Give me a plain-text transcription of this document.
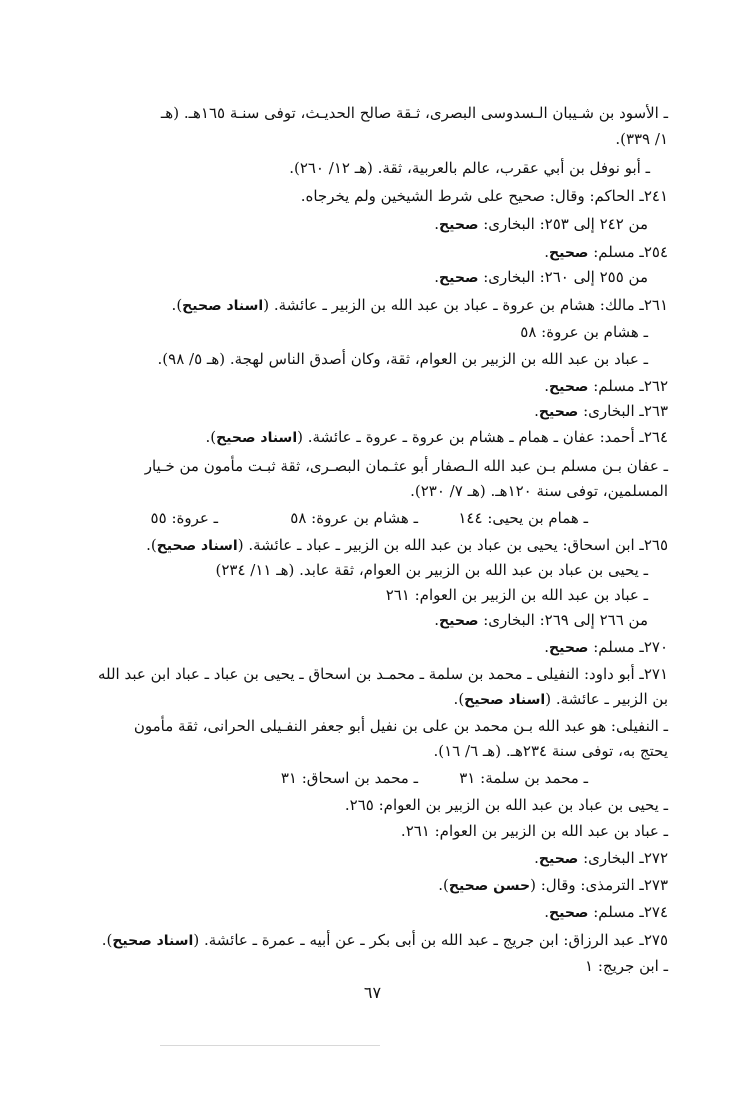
ـ الأسود بن شـيبان الـسدوسى البصرى، ثـقة صالح الحديـث، توفى سنـة ١٦٥هـ. (هـ
١/ ٣٣٩).
ـ أبو نوفل بن أبي عقرب، عالم بالعربية، ثقة. (هـ ١٢/ ٢٦٠).
٢٤١ـ الحاكم: وقال: صحيح على شرط الشيخين ولم يخرجاه.
من ٢٤٢ إلى ٢٥٣: البخارى: صحيح.
٢٥٤ـ مسلم: صحيح.
من ٢٥٥ إلى ٢٦٠: البخارى: صحيح.
٢٦١ـ مالك: هشام بن عروة ـ عباد بن عبد الله بن الزبير ـ عائشة. (اسناد صحيح).
ـ هشام بن عروة: ٥٨
ـ عباد بن عبد الله بن الزبير بن العوام، ثقة، وكان أصدق الناس لهجة. (هـ ٥/ ٩٨).
٢٦٢ـ مسلم: صحيح.
٢٦٣ـ البخارى: صحيح.
٢٦٤ـ أحمد: عفان ـ همام ـ هشام بن عروة ـ عروة ـ عائشة. (اسناد صحيح).
ـ عفان بـن مسلم بـن عبد الله الـصفار أبو عثـمان البصـرى، ثقة ثبـت مأمون من خـيار
المسلمين، توفى سنة ١٢٠هـ. (هـ ٧/ ٢٣٠).
ـ همام بن يحيى: ١٤٤
ـ هشام بن عروة: ٥٨
ـ عروة: ٥٥
٢٦٥ـ ابن اسحاق: يحيى بن عباد بن عبد الله بن الزبير ـ عباد ـ عائشة. (اسناد صحيح).
ـ يحيى بن عباد بن عبد الله بن الزبير بن العوام، ثقة عابد. (هـ ١١/ ٢٣٤)
ـ عباد بن عبد الله بن الزبير بن العوام: ٢٦١
من ٢٦٦ إلى ٢٦٩: البخارى: صحيح.
٢٧٠ـ مسلم: صحيح.
٢٧١ـ أبو داود: النفيلى ـ محمد بن سلمة ـ محمـد بن اسحاق ـ يحيى بن عباد ـ عباد ابن عبد الله
بن الزبير ـ عائشة. (اسناد صحيح).
ـ النفيلى: هو عبد الله بـن محمد بن على بن نفيل أبو جعفر النفـيلى الحرانى، ثقة مأمون
يحتج به، توفى سنة ٢٣٤هـ. (هـ ٦/ ١٦).
ـ محمد بن سلمة: ٣١
ـ محمد بن اسحاق: ٣١
ـ يحيى بن عباد بن عبد الله بن الزبير بن العوام: ٢٦٥.
ـ عباد بن عبد الله بن الزبير بن العوام: ٢٦١.
٢٧٢ـ البخارى: صحيح.
٢٧٣ـ الترمذى: وقال: (حسن صحيح).
٢٧٤ـ مسلم: صحيح.
٢٧٥ـ عبد الرزاق: ابن جريج ـ عبد الله بن أبى بكر ـ عن أبيه ـ عمرة ـ عائشة. (اسناد صحيح).
ـ ابن جريج: ١
٦٧
